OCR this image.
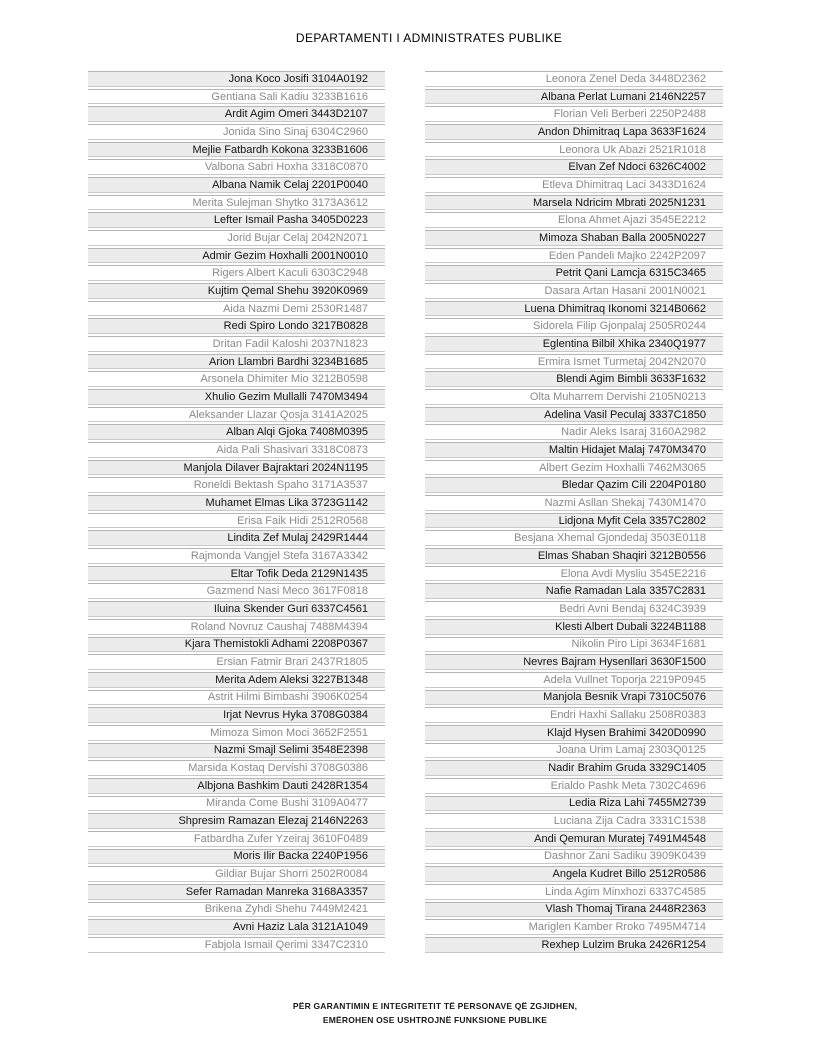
DEPARTAMENTI I ADMINISTRATES PUBLIKE
Jona Koco Josifi 3104A0192
Gentiana Sali Kadiu 3233B1616
Ardit Agim Omeri 3443D2107
Jonida Sino Sinaj 6304C2960
Mejlie Fatbardh Kokona 3233B1606
Valbona Sabri Hoxha 3318C0870
Albana Namik Celaj 2201P0040
Merita Sulejman Shytko 3173A3612
Lefter Ismail Pasha 3405D0223
Jorid Bujar Celaj 2042N2071
Admir Gezim Hoxhalli 2001N0010
Rigers Albert Kaculi 6303C2948
Kujtim Qemal Shehu 3920K0969
Aida Nazmi Demi 2530R1487
Redi Spiro Londo 3217B0828
Dritan Fadil Kaloshi 2037N1823
Arion Llambri Bardhi 3234B1685
Arsonela Dhimiter Mio 3212B0598
Xhulio Gezim Mullalli 7470M3494
Aleksander Llazar Qosja 3141A2025
Alban Alqi Gjoka 7408M0395
Aida Pali Shasivari 3318C0873
Manjola Dilaver Bajraktari 2024N1195
Roneldi Bektash Spaho 3171A3537
Muhamet Elmas Lika 3723G1142
Erisa Faik Hidi 2512R0568
Lindita Zef Mulaj 2429R1444
Rajmonda Vangjel Stefa 3167A3342
Eltar Tofik Deda 2129N1435
Gazmend Nasi Meco 3617F0818
Iluina Skender Guri 6337C4561
Roland Novruz Caushaj 7488M4394
Kjara Themistokli Adhami 2208P0367
Ersian Fatmir Brari 2437R1805
Merita Adem Aleksi 3227B1348
Astrit Hilmi Bimbashi 3906K0254
Irjat Nevrus Hyka 3708G0384
Mimoza Simon Moci 3652F2551
Nazmi Smajl Selimi 3548E2398
Marsida Kostaq Dervishi 3708G0386
Albjona Bashkim Dauti 2428R1354
Miranda Come Bushi 3109A0477
Shpresim Ramazan Elezaj 2146N2263
Fatbardha Zufer Yzeiraj 3610F0489
Moris Ilir Backa 2240P1956
Gildiar Bujar Shorri 2502R0084
Sefer Ramadan Manreka 3168A3357
Brikena Zyhdi Shehu 7449M2421
Avni Haziz Lala 3121A1049
Fabjola Ismail Qerimi 3347C2310
Leonora Zenel Deda 3448D2362
Albana Perlat Lumani 2146N2257
Florian Veli Berberi 2250P2488
Andon Dhimitraq Lapa 3633F1624
Leonora Uk Abazi 2521R1018
Elvan Zef Ndoci 6326C4002
Etleva Dhimitraq Laci 3433D1624
Marsela Ndricim Mbrati 2025N1231
Elona Ahmet Ajazi 3545E2212
Mimoza Shaban Balla 2005N0227
Eden Pandeli Majko 2242P2097
Petrit Qani Lamcja 6315C3465
Dasara Artan Hasani 2001N0021
Luena Dhimitraq Ikonomi 3214B0662
Sidorela Filip Gjonpalaj 2505R0244
Eglentina Bilbil Xhika 2340Q1977
Ermira Ismet Turmetaj 2042N2070
Blendi Agim Bimbli 3633F1632
Olta Muharrem Dervishi 2105N0213
Adelina Vasil Peculaj 3337C1850
Nadir Aleks Isaraj 3160A2982
Maltin Hidajet Malaj 7470M3470
Albert Gezim Hoxhalli 7462M3065
Bledar Qazim Cili 2204P0180
Nazmi Asllan Shekaj 7430M1470
Lidjona Myfit Cela 3357C2802
Besjana Xhemal Gjondedaj 3503E0118
Elmas Shaban Shaqiri 3212B0556
Elona Avdi Mysliu 3545E2216
Nafie Ramadan Lala 3357C2831
Bedri Avni Bendaj 6324C3939
Klesti Albert Dubali 3224B1188
Nikolin Piro Lipi 3634F1681
Nevres Bajram Hysenllari 3630F1500
Adela Vullnet Toporja 2219P0945
Manjola Besnik Vrapi 7310C5076
Endri Haxhi Sallaku 2508R0383
Klajd Hysen Brahimi 3420D0990
Joana Urim Lamaj 2303Q0125
Nadir Brahim Gruda 3329C1405
Erialdo Pashk Meta 7302C4696
Ledia Riza Lahi 7455M2739
Luciana Zija Cadra 3331C1538
Andi Qemuran Muratej 7491M4548
Dashnor Zani Sadiku 3909K0439
Angela Kudret Billo 2512R0586
Linda Agim Minxhozi 6337C4585
Vlash Thomaj Tirana 2448R2363
Mariglen Kamber Rroko 7495M4714
Rexhep Lulzim Bruka 2426R1254
PËR GARANTIMIN E INTEGRITETIT TË PERSONAVE QË ZGJIDHEN,
EMËROHEN OSE USHTROJNË FUNKSIONE PUBLIKE
